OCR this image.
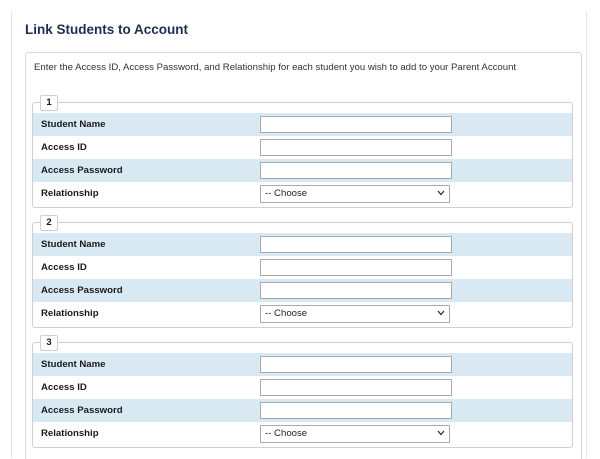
Link Students to Account
Enter the Access ID, Access Password, and Relationship for each student you wish to add to your Parent Account
1
Student Name
Access ID
Access Password
Relationship	-- Choose
2
Student Name
Access ID
Access Password
Relationship	-- Choose
3
Student Name
Access ID
Access Password
Relationship	-- Choose
